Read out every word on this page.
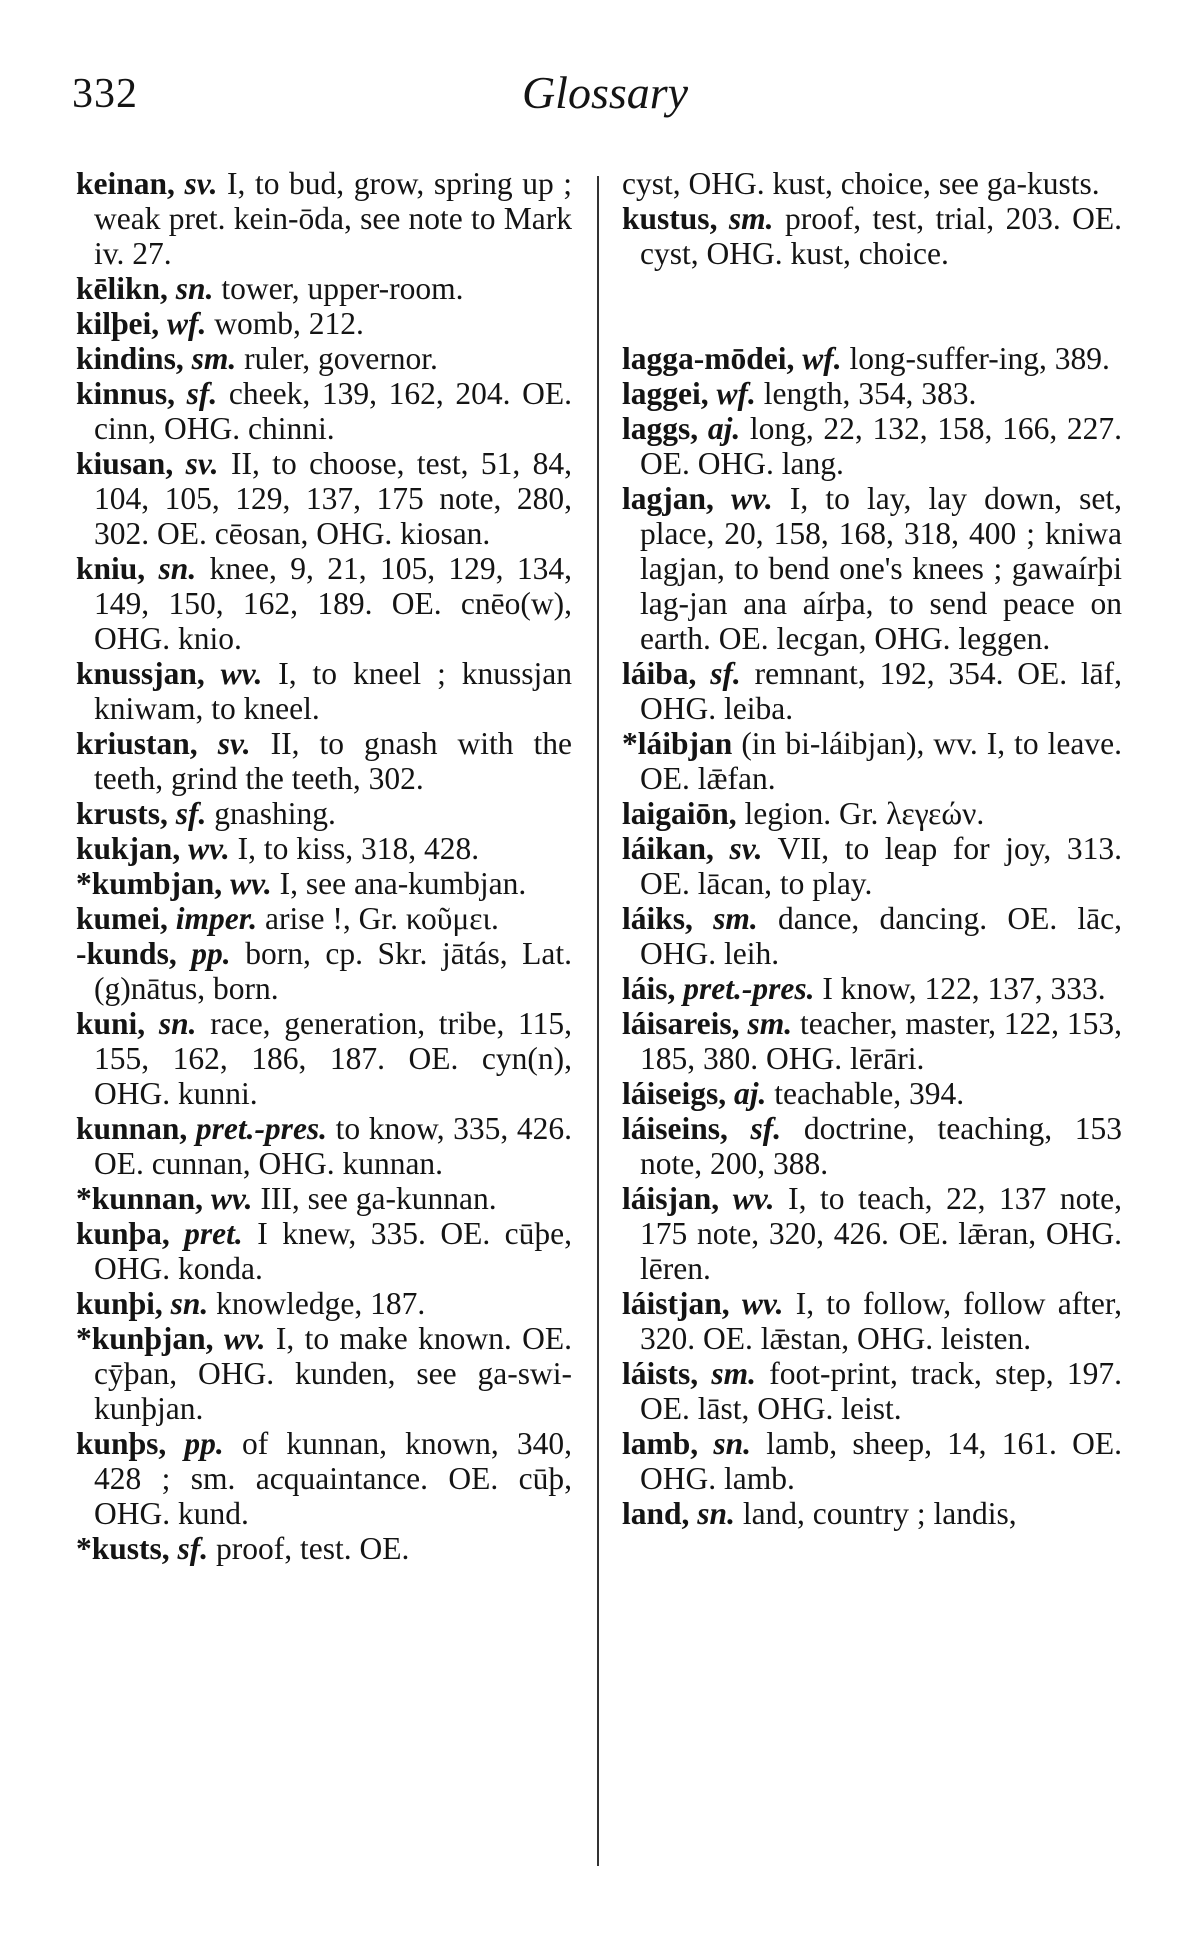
332	Glossary
keinan, sv. I, to bud, grow, spring up ; weak pret. kein-ōda, see note to Mark iv. 27.
kēlikn, sn. tower, upper-room.
kilþei, wf. womb, 212.
kindins, sm. ruler, governor.
kinnus, sf. cheek, 139, 162, 204. OE. cinn, OHG. chinni.
kiusan, sv. II, to choose, test, 51, 84, 104, 105, 129, 137, 175 note, 280, 302. OE. cēosan, OHG. kiosan.
kniu, sn. knee, 9, 21, 105, 129, 134, 149, 150, 162, 189. OE. cnēo(w), OHG. knio.
knussjan, wv. I, to kneel ; knussjan kniwam, to kneel.
kriustan, sv. II, to gnash with the teeth, grind the teeth, 302.
krusts, sf. gnashing.
kukjan, wv. I, to kiss, 318, 428.
*kumbjan, wv. I, see ana-kumbjan.
kumei, imper. arise !, Gr. κοῦμει.
-kunds, pp. born, cp. Skr. jātás, Lat. (g)nātus, born.
kuni, sn. race, generation, tribe, 115, 155, 162, 186, 187. OE. cyn(n), OHG. kunni.
kunnan, pret.-pres. to know, 335, 426. OE. cunnan, OHG. kunnan.
*kunnan, wv. III, see ga-kunnan.
kunþa, pret. I knew, 335. OE. cūþe, OHG. konda.
kunþi, sn. knowledge, 187.
*kunþjan, wv. I, to make known. OE. cȳþan, OHG. kunden, see ga-swi-kunþjan.
kunþs, pp. of kunnan, known, 340, 428 ; sm. acquaintance. OE. cūþ, OHG. kund.
*kusts, sf. proof, test. OE.
cyst, OHG. kust, choice, see ga-kusts.
kustus, sm. proof, test, trial, 203. OE. cyst, OHG. kust, choice.
lagga-mōdei, wf. long-suffer-ing, 389.
laggei, wf. length, 354, 383.
laggs, aj. long, 22, 132, 158, 166, 227. OE. OHG. lang.
lagjan, wv. I, to lay, lay down, set, place, 20, 158, 168, 318, 400 ; kniwa lagjan, to bend one's knees ; gawaírþi lag-jan ana aírþa, to send peace on earth. OE. lecgan, OHG. leggen.
láiba, sf. remnant, 192, 354. OE. lāf, OHG. leiba.
*láibjan (in bi-láibjan), wv. I, to leave. OE. lǣfan.
laigaiōn, legion. Gr. λεγεών.
láikan, sv. VII, to leap for joy, 313. OE. lācan, to play.
láiks, sm. dance, dancing. OE. lāc, OHG. leih.
láis, pret.-pres. I know, 122, 137, 333.
láisareis, sm. teacher, master, 122, 153, 185, 380. OHG. lērāri.
láiseigs, aj. teachable, 394.
láiseins, sf. doctrine, teaching, 153 note, 200, 388.
láisjan, wv. I, to teach, 22, 137 note, 175 note, 320, 426. OE. lǣran, OHG. lēren.
láistjan, wv. I, to follow, follow after, 320. OE. lǣstan, OHG. leisten.
láists, sm. foot-print, track, step, 197. OE. lāst, OHG. leist.
lamb, sn. lamb, sheep, 14, 161. OE. OHG. lamb.
land, sn. land, country ; landis,
